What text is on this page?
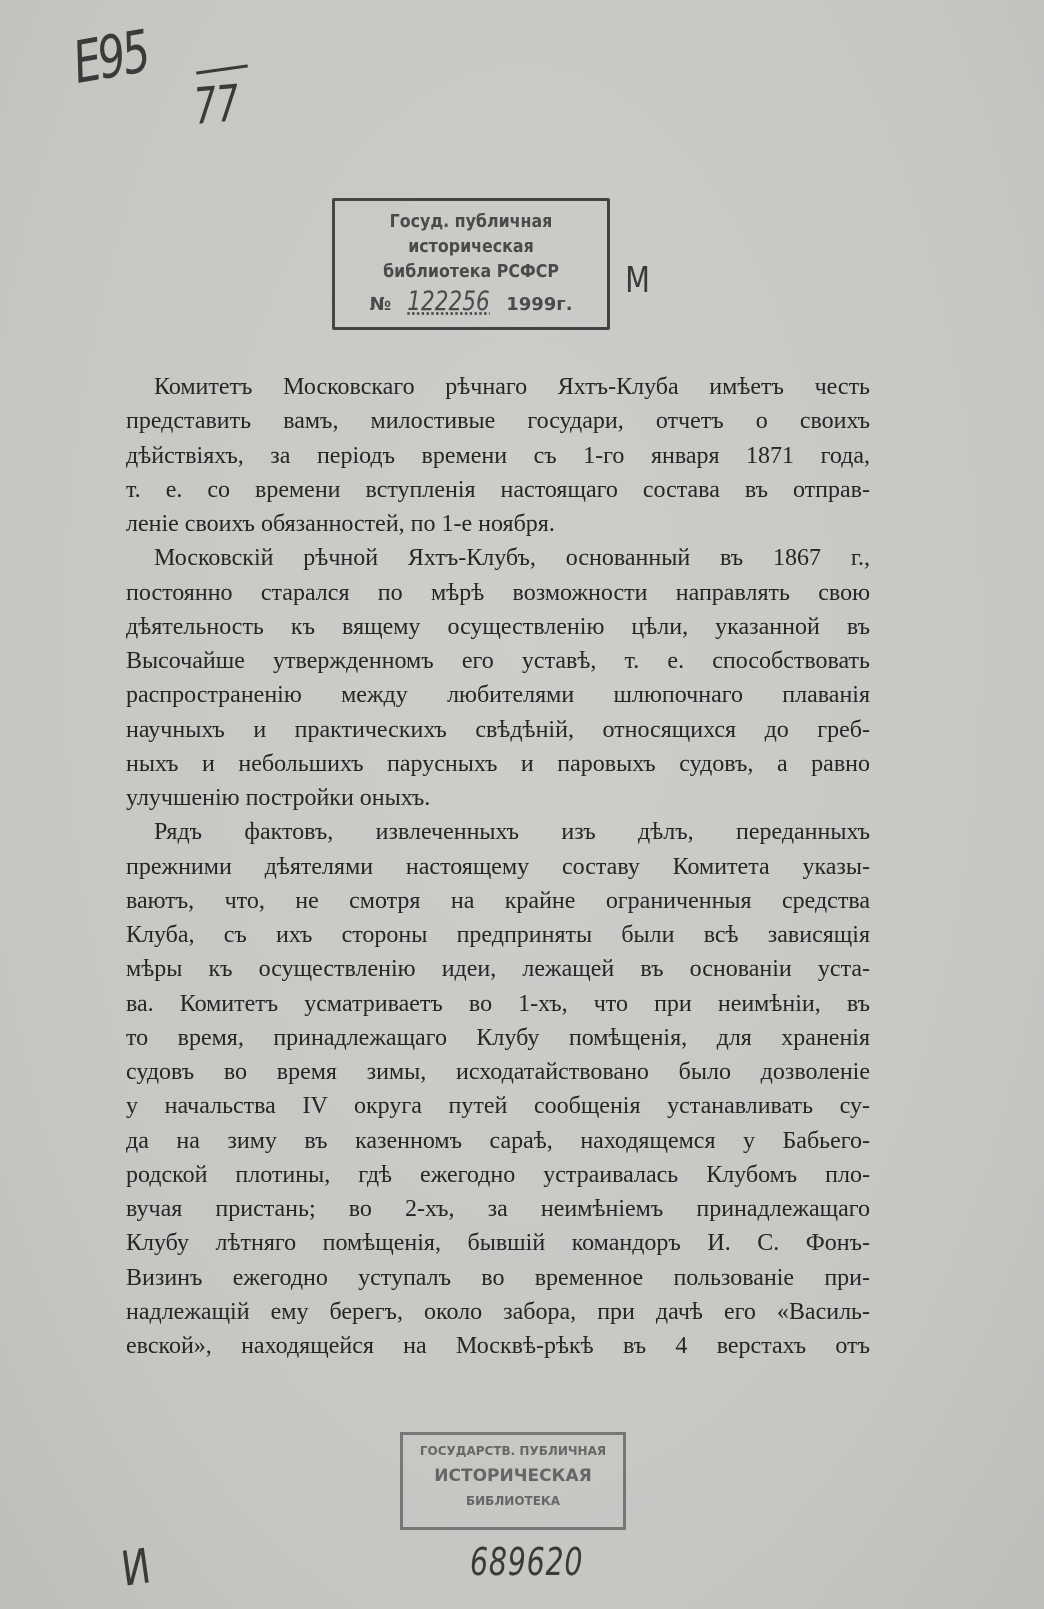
Е95
77
Госуд. публичная
историческая
библиотека РСФСР
№ 122256 1999г.
М
Комитетъ Московскаго рѣчнаго Яхтъ-Клуба имѣетъ честь
представить вамъ, милостивые государи, отчетъ о своихъ
дѣйствіяхъ, за періодъ времени съ 1-го января 1871 года,
т. е. со времени вступленія настоящаго состава въ отправ-
леніе своихъ обязанностей, по 1-е ноября.
Московскій рѣчной Яхтъ-Клубъ, основанный въ 1867 г.,
постоянно старался по мѣрѣ возможности направлять свою
дѣятельность къ вящему осуществленію цѣли, указанной въ
Высочайше утвержденномъ его уставѣ, т. е. способствовать
распространенію между любителями шлюпочнаго плаванія
научныхъ и практическихъ свѣдѣній, относящихся до греб-
ныхъ и небольшихъ парусныхъ и паровыхъ судовъ, а равно
улучшенію постройки оныхъ.
Рядъ фактовъ, извлеченныхъ изъ дѣлъ, переданныхъ
прежними дѣятелями настоящему составу Комитета указы-
ваютъ, что, не смотря на крайне ограниченныя средства
Клуба, съ ихъ стороны предприняты были всѣ зависящія
мѣры къ осуществленію идеи, лежащей въ основаніи уста-
ва. Комитетъ усматриваетъ во 1-хъ, что при неимѣніи, въ
то время, принадлежащаго Клубу помѣщенія, для храненія
судовъ во время зимы, исходатайствовано было дозволеніе
у начальства IV округа путей сообщенія устанавливать су-
да на зиму въ казенномъ сараѣ, находящемся у Бабьего-
родской плотины, гдѣ ежегодно устраивалась Клубомъ пло-
вучая пристань; во 2-хъ, за неимѣніемъ принадлежащаго
Клубу лѣтняго помѣщенія, бывшій командоръ И. С. Фонъ-
Визинъ ежегодно уступалъ во временное пользованіе при-
надлежащій ему берегъ, около забора, при дачѣ его «Василь-
евской», находящейся на Москвѣ-рѣкѣ въ 4 верстахъ отъ
ГОСУДАРСТВ. ПУБЛИЧНАЯ
ИСТОРИЧЕСКАЯ
БИБЛИОТЕКА
689620
И
